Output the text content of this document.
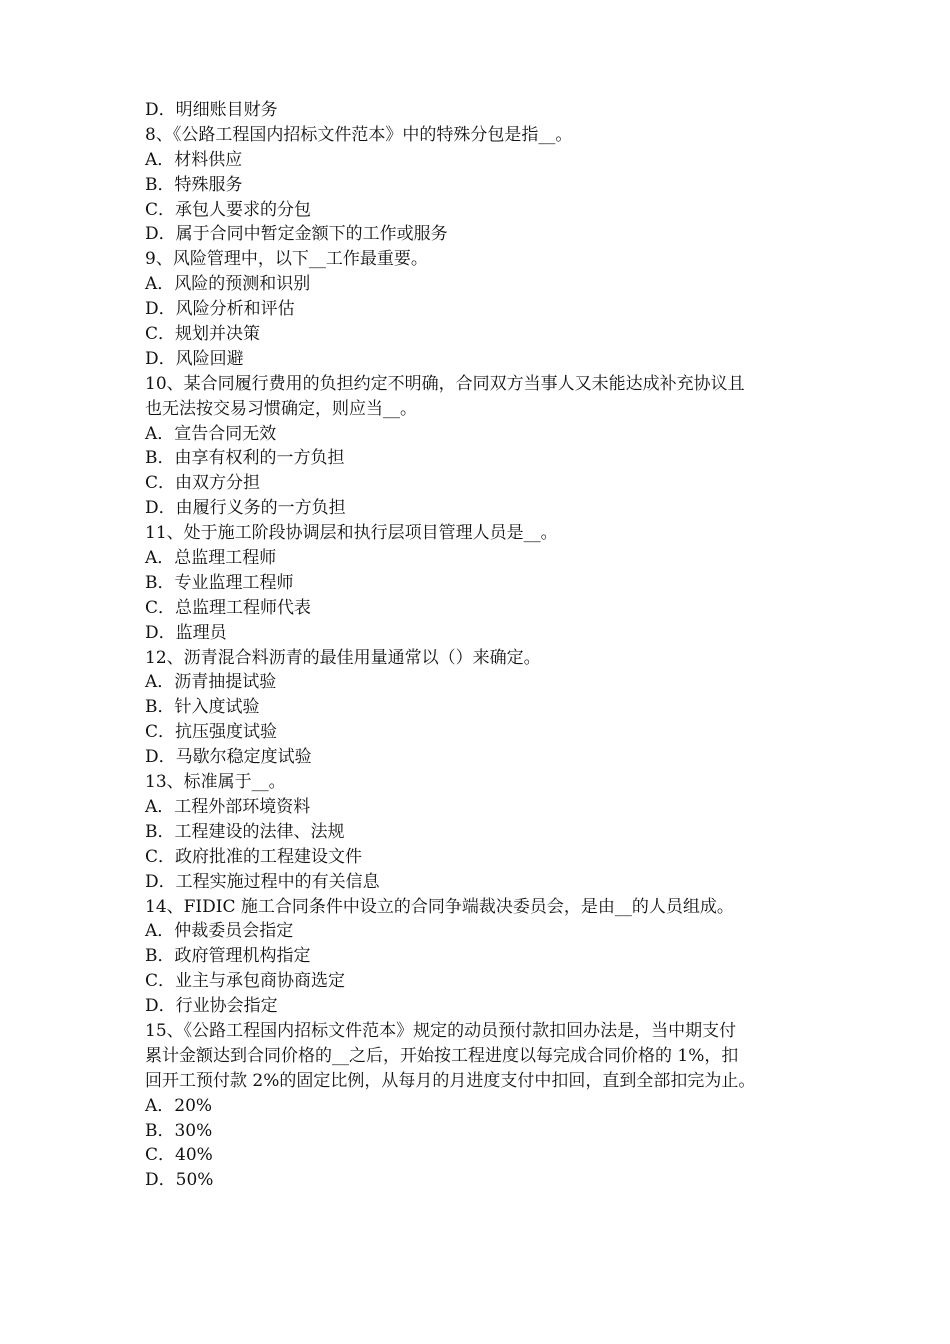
D．明细账目财务
8、《公路工程国内招标文件范本》中的特殊分包是指__。
A．材料供应
B．特殊服务
C．承包人要求的分包
D．属于合同中暂定金额下的工作或服务
9、风险管理中，以下__工作最重要。
A．风险的预测和识别
D．风险分析和评估
C．规划并决策
D．风险回避
10、某合同履行费用的负担约定不明确，合同双方当事人又未能达成补充协议且
也无法按交易习惯确定，则应当__。
A．宣告合同无效
B．由享有权利的一方负担
C．由双方分担
D．由履行义务的一方负担
11、处于施工阶段协调层和执行层项目管理人员是__。
A．总监理工程师
B．专业监理工程师
C．总监理工程师代表
D．监理员
12、沥青混合料沥青的最佳用量通常以（）来确定。
A．沥青抽提试验
B．针入度试验
C．抗压强度试验
D．马歇尔稳定度试验
13、标准属于__。
A．工程外部环境资料
B．工程建设的法律、法规
C．政府批准的工程建设文件
D．工程实施过程中的有关信息
14、FIDIC 施工合同条件中设立的合同争端裁决委员会，是由__的人员组成。
A．仲裁委员会指定
B．政府管理机构指定
C．业主与承包商协商选定
D．行业协会指定
15、《公路工程国内招标文件范本》规定的动员预付款扣回办法是，当中期支付
累计金额达到合同价格的__之后，开始按工程进度以每完成合同价格的 1%，扣
回开工预付款 2%的固定比例，从每月的月进度支付中扣回，直到全部扣完为止。
A．20%
B．30%
C．40%
D．50%
